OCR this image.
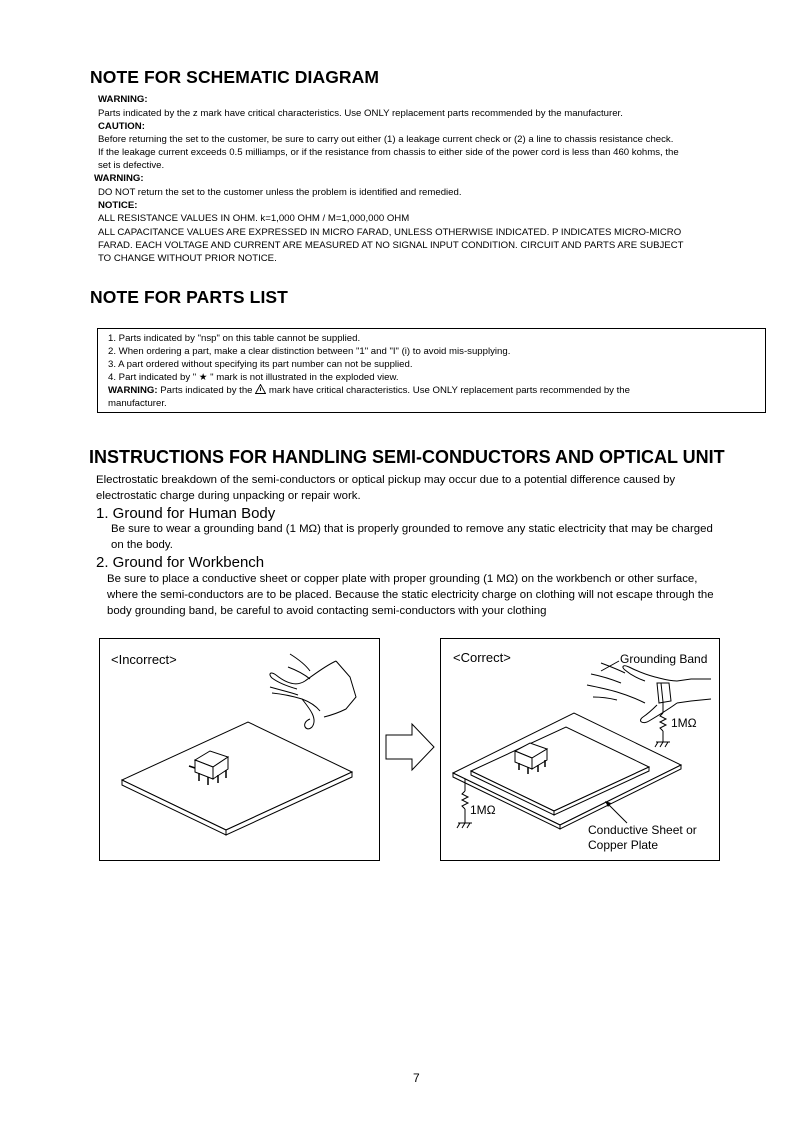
NOTE FOR SCHEMATIC DIAGRAM
WARNING:
Parts indicated by the z mark have critical characteristics. Use ONLY replacement parts recommended by the manufacturer.
CAUTION:
Before returning the set to the customer, be sure to carry out either (1) a leakage current check or (2) a line to chassis resistance check.
If the leakage current exceeds 0.5 milliamps, or if the resistance from chassis to either side of the power cord is less than 460 kohms, the
set is defective.
WARNING:
DO NOT return the set to the customer unless the problem is identified and remedied.
NOTICE:
ALL RESISTANCE VALUES IN OHM. k=1,000 OHM / M=1,000,000 OHM
ALL CAPACITANCE VALUES ARE EXPRESSED IN MICRO FARAD, UNLESS OTHERWISE INDICATED. P INDICATES MICRO-MICRO
FARAD. EACH VOLTAGE AND CURRENT ARE MEASURED AT NO SIGNAL INPUT CONDITION. CIRCUIT AND PARTS ARE SUBJECT
TO CHANGE WITHOUT PRIOR NOTICE.
NOTE FOR PARTS LIST
1. Parts indicated by "nsp" on this table cannot be supplied.
2. When ordering a part, make a clear distinction between "1" and "I" (i) to avoid mis-supplying.
3. A part ordered without specifying its part number can not be supplied.
4. Part indicated by " ★ " mark is not illustrated in the exploded view.
WARNING: Parts indicated by the  mark have critical characteristics. Use ONLY replacement parts recommended by the
manufacturer.
INSTRUCTIONS FOR HANDLING SEMI-CONDUCTORS AND OPTICAL UNIT
Electrostatic breakdown of the semi-conductors or optical pickup may occur due to a potential difference caused by
electrostatic charge during unpacking or repair work.
1. Ground for Human Body
Be sure to wear a grounding band (1 MΩ) that is properly grounded to remove any static electricity that may be charged
on the body.
2. Ground for Workbench
Be sure to place a conductive sheet or copper plate with proper grounding (1 MΩ) on the workbench or other surface,
where the semi-conductors are to be placed. Because the static electricity charge on clothing will not escape through the
body grounding band, be careful to avoid contacting semi-conductors with your clothing
<Incorrect>	<Correct>	Grounding Band
1MΩ
1MΩ
Conductive Sheet or
Copper Plate
7
